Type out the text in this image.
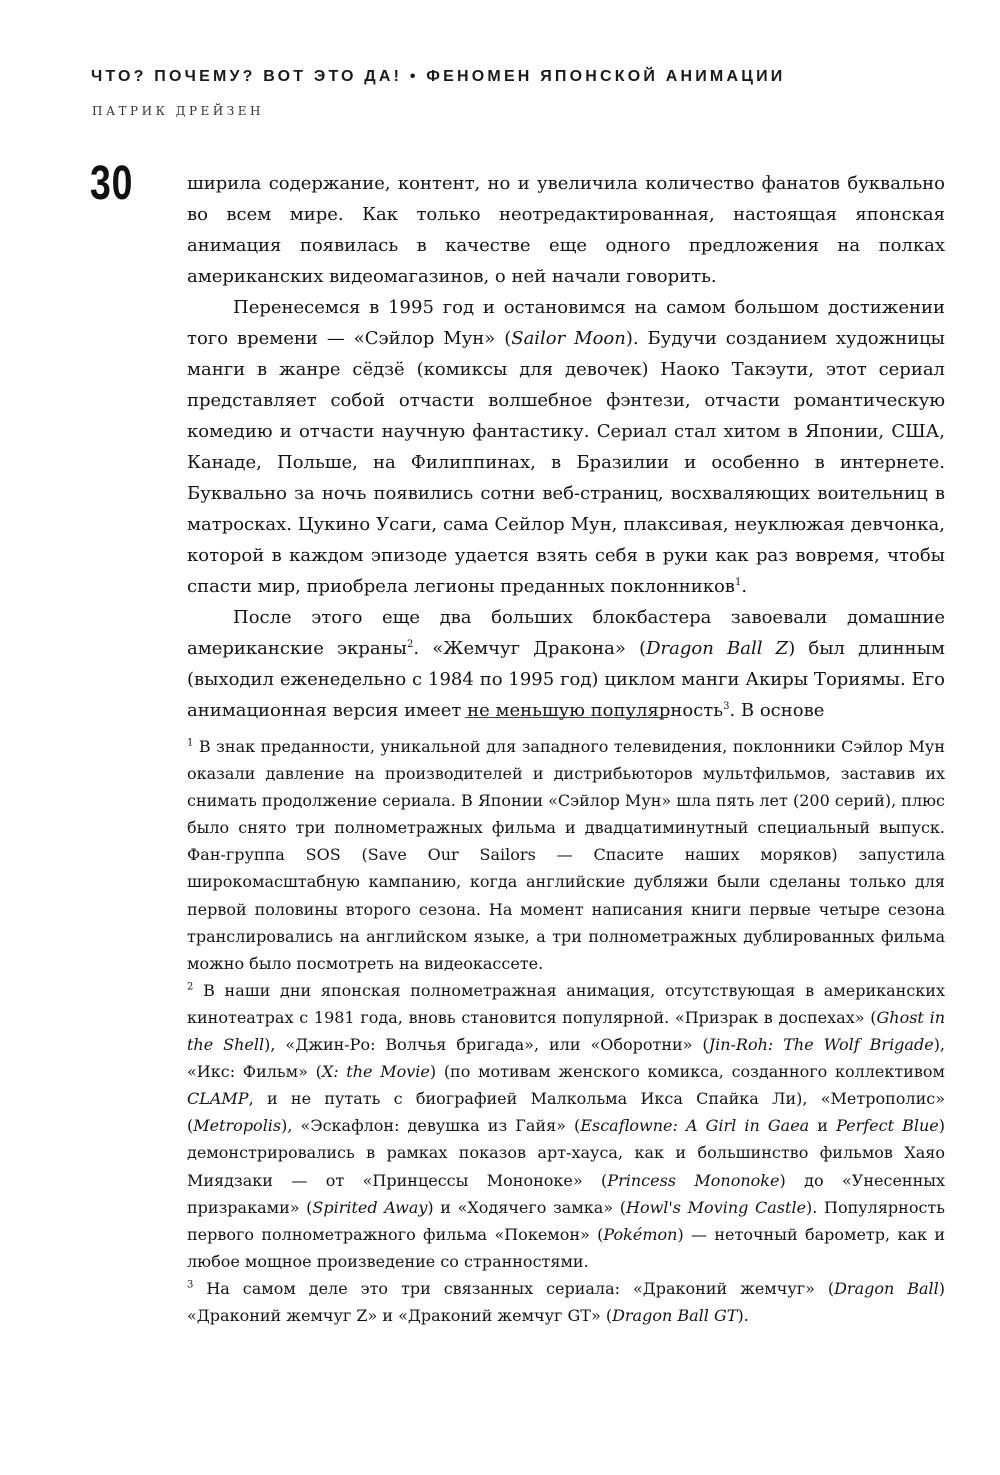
ЧТО? ПОЧЕМУ? ВОТ ЭТО ДА! • ФЕНОМЕН ЯПОНСКОЙ АНИМАЦИИ
ПАТРИК ДРЕЙЗЕН
30	ширила содержание, контент, но и увеличила количество фанатов буквально во всем мире. Как только неотредактированная, настоящая японская анимация появилась в качестве еще одного предложения на полках американских видеомагазинов, о ней начали говорить.

Перенесемся в 1995 год и остановимся на самом большом достижении того времени — «Сэйлор Мун» (Sailor Moon). Будучи созданием художницы манги в жанре сёдзё (комиксы для девочек) Наоко Такэути, этот сериал представляет собой отчасти волшебное фэнтези, отчасти романтическую комедию и отчасти научную фантастику. Сериал стал хитом в Японии, США, Канаде, Польше, на Филиппинах, в Бразилии и особенно в интернете. Буквально за ночь появились сотни веб-страниц, восхваляющих воительниц в матросках. Цукино Усаги, сама Сейлор Мун, плаксивая, неуклюжая девчонка, которой в каждом эпизоде удается взять себя в руки как раз вовремя, чтобы спасти мир, приобрела легионы преданных поклонников$^1$.

После этого еще два больших блокбастера завоевали домашние американские экраны$^2$. «Жемчуг Дракона» (Dragon Ball Z) был длинным (выходил еженедельно с 1984 по 1995 год) циклом манги Акиры Ториямы. Его анимационная версия имеет не меньшую популярность$^3$. В основе

$^1$ В знак преданности, уникальной для западного телевидения, поклонники Сэйлор Мун оказали давление на производителей и дистрибьюторов мультфильмов, заставив их снимать продолжение сериала. В Японии «Сэйлор Мун» шла пять лет (200 серий), плюс было снято три полнометражных фильма и двадцатиминутный специальный выпуск. Фан-группа SOS (Save Our Sailors — Спасите наших моряков) запустила широкомасштабную кампанию, когда английские дубляжи были сделаны только для первой половины второго сезона. На момент написания книги первые четыре сезона транслировались на английском языке, а три полнометражных дублированных фильма можно было посмотреть на видеокассете.

$^2$ В наши дни японская полнометражная анимация, отсутствующая в американских кинотеатрах с 1981 года, вновь становится популярной. «Призрак в доспехах» (Ghost in the Shell), «Джин-Ро: Волчья бригада», или «Оборотни» (Jin-Roh: The Wolf Brigade), «Икс: Фильм» (X: the Movie) (по мотивам женского комикса, созданного коллективом CLAMP, и не путать с биографией Малкольма Икса Спайка Ли), «Метрополис» (Metropolis), «Эскафлон: девушка из Гайя» (Escaflowne: A Girl in Gaea и Perfect Blue) демонстрировались в рамках показов арт-хауса, как и большинство фильмов Хаяо Миядзаки — от «Принцессы Мононоке» (Princess Mononoke) до «Унесенных призраками» (Spirited Away) и «Ходячего замка» (Howl's Moving Castle). Популярность первого полнометражного фильма «Покемон» (Pokémon) — неточный барометр, как и любое мощное произведение со странностями.

$^3$ На самом деле это три связанных сериала: «Драконий жемчуг» (Dragon Ball) «Драконий жемчуг Z» и «Драконий жемчуг GT» (Dragon Ball GT).
